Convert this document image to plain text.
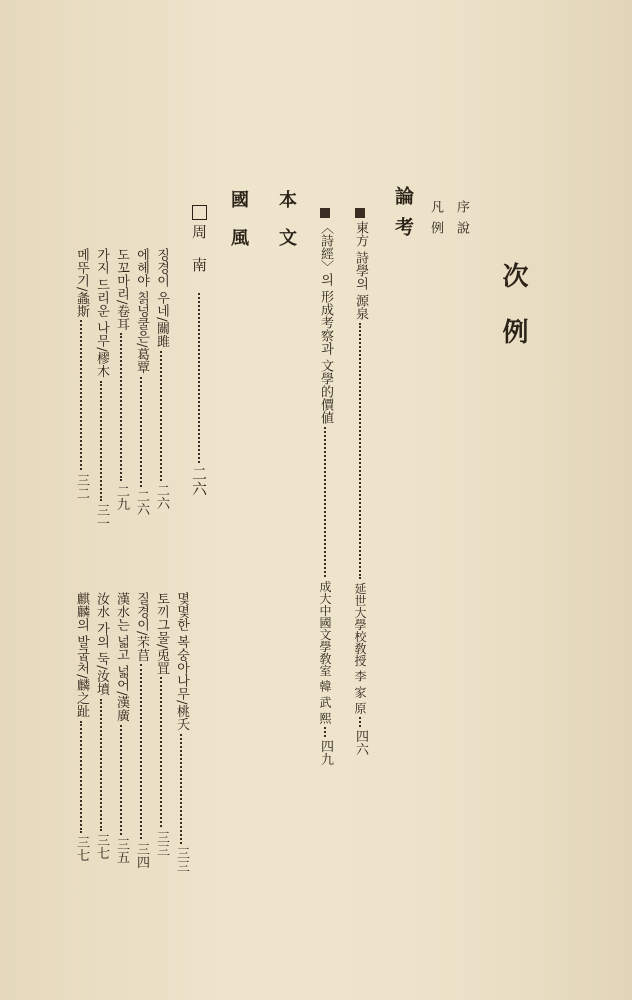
次例
序說
凡例
論考
東方 詩學의 源泉延世大學校敎授 李 家 原四六
〈詩經〉의 形成考察과 文學的價値成大中國文學敎室 韓 武 熙四九
本文
國風
周南二六
징경이 우네/關雎二六
에헤야 칡넝쿨은/葛覃二六
도꼬마리/卷耳二九
가지 드리운 나무/樛木三一
메뚜기/螽斯三二
몇몇한 복숭아나무/桃夭三三
토끼그물/兎罝三三
질경이/芣苢三四
漢水는 넓고 넓어/漢廣三五
汝水 가의 둑/汝墳三七
麒麟의 발굽처/麟之趾三七
